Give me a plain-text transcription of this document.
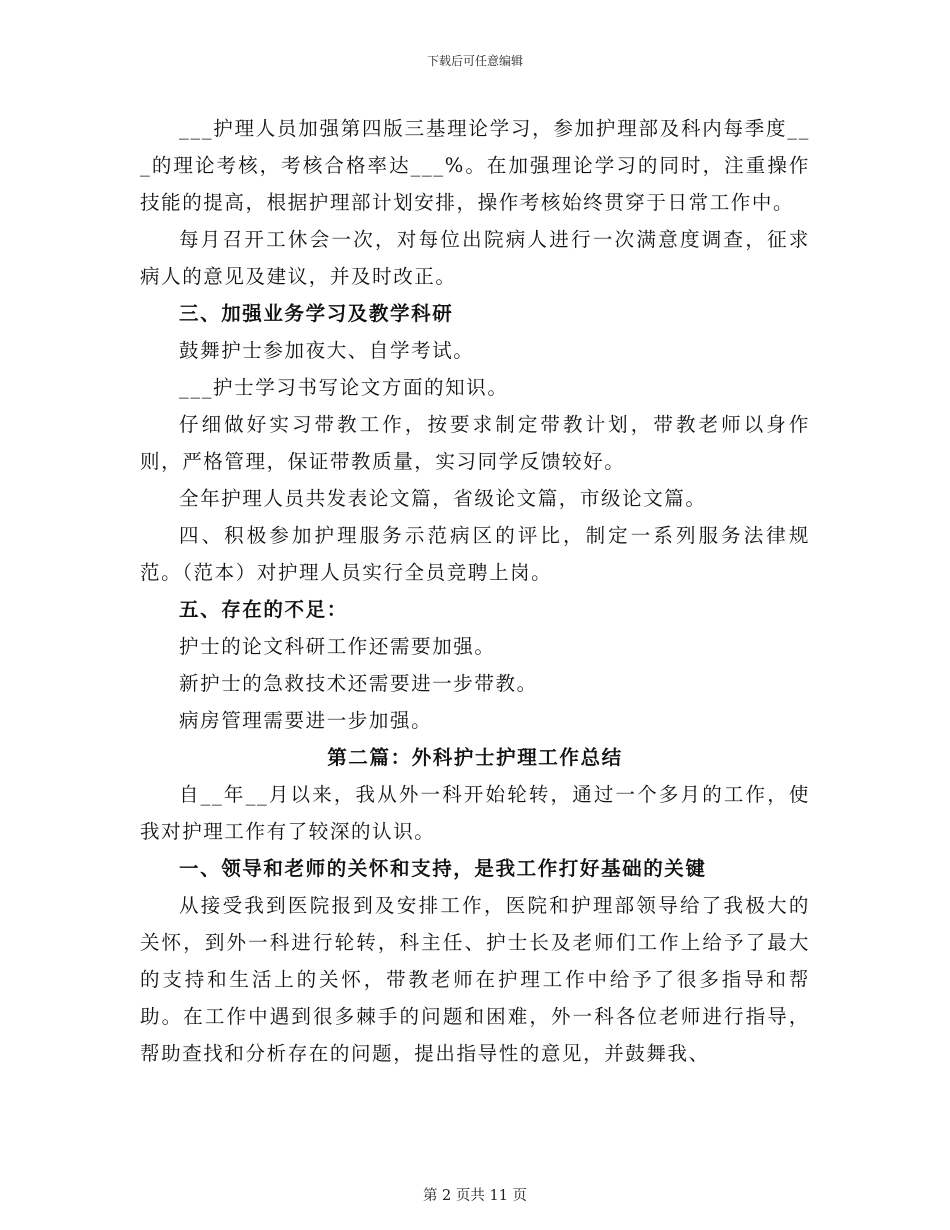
下载后可任意编辑

___护理人员加强第四版三基理论学习，参加护理部及科内每季度___的理论考核，考核合格率达___%。在加强理论学习的同时，注重操作技能的提高，根据护理部计划安排，操作考核始终贯穿于日常工作中。

每月召开工休会一次，对每位出院病人进行一次满意度调查，征求病人的意见及建议，并及时改正。

三、加强业务学习及教学科研

鼓舞护士参加夜大、自学考试。

___护士学习书写论文方面的知识。

仔细做好实习带教工作，按要求制定带教计划，带教老师以身作则，严格管理，保证带教质量，实习同学反馈较好。

全年护理人员共发表论文篇，省级论文篇，市级论文篇。

四、积极参加护理服务示范病区的评比，制定一系列服务法律规范。（范本）对护理人员实行全员竞聘上岗。

五、存在的不足：

护士的论文科研工作还需要加强。

新护士的急救技术还需要进一步带教。

病房管理需要进一步加强。

第二篇：外科护士护理工作总结

自__年__月以来，我从外一科开始轮转，通过一个多月的工作，使我对护理工作有了较深的认识。

一、领导和老师的关怀和支持，是我工作打好基础的关键

从接受我到医院报到及安排工作，医院和护理部领导给了我极大的关怀，到外一科进行轮转，科主任、护士长及老师们工作上给予了最大的支持和生活上的关怀，带教老师在护理工作中给予了很多指导和帮助。在工作中遇到很多棘手的问题和困难，外一科各位老师进行指导，帮助查找和分析存在的问题，提出指导性的意见，并鼓舞我、

第 2 页共 11 页
